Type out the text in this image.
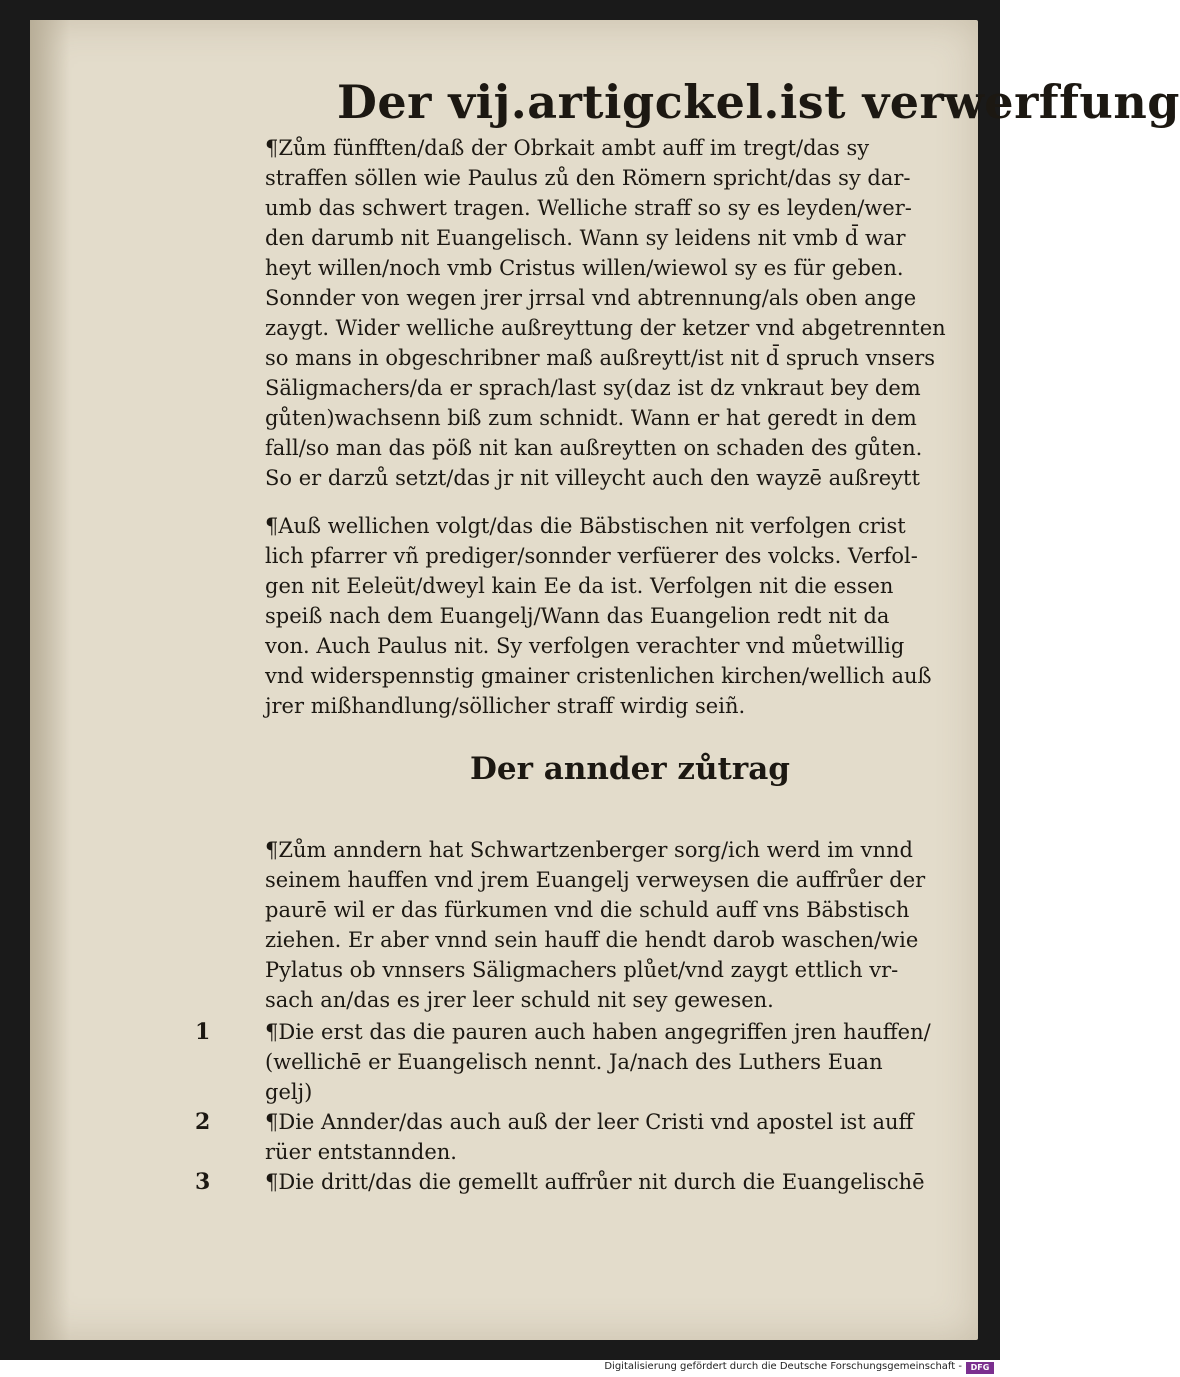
Der vij.artigckel.ist verwerffung
¶Zům fünfften/daß der Obrkait ambt auff im tregt/das sy
straffen söllen wie Paulus zů den Römern spricht/das sy dar-
umb das schwert tragen. Welliche straff so sy es leyden/wer-
den darumb nit Euangelisch. Wann sy leidens nit vmb d̄ war
heyt willen/noch vmb Cristus willen/wiewol sy es für geben.
Sonnder von wegen jrer jrrsal vnd abtrennung/als oben ange
zaygt. Wider welliche außreyttung der ketzer vnd abgetrennten
so mans in obgeschribner maß außreytt/ist nit d̄ spruch vnsers
Säligmachers/da er sprach/last sy(daz ist dz vnkraut bey dem
gůten)wachsenn biß zum schnidt. Wann er hat geredt in dem
fall/so man das pöß nit kan außreytten on schaden des gůten.
So er darzů setzt/das jr nit villeycht auch den wayzē außreytt
¶Auß wellichen volgt/das die Bäbstischen nit verfolgen crist
lich pfarrer vñ prediger/sonnder verfüerer des volcks. Verfol-
gen nit Eeleüt/dweyl kain Ee da ist. Verfolgen nit die essen
speiß nach dem Euangelj/Wann das Euangelion redt nit da
von. Auch Paulus nit. Sy verfolgen verachter vnd můetwillig
vnd widerspennstig gmainer cristenlichen kirchen/wellich auß
jrer mißhandlung/söllicher straff wirdig seiñ.
Der annder zůtrag
¶Zům anndern hat Schwartzenberger sorg/ich werd im vnnd
seinem hauffen vnd jrem Euangelj verweysen die auffrůer der
paurē wil er das fürkumen vnd die schuld auff vns Bäbstisch
ziehen. Er aber vnnd sein hauff die hendt darob waschen/wie
Pylatus ob vnnsers Säligmachers plůet/vnd zaygt ettlich vr-
sach an/das es jrer leer schuld nit sey gewesen.
1	¶Die erst das die pauren auch haben angegriffen jren hauffen/
(wellichē er Euangelisch nennt. Ja/nach des Luthers Euan
gelj)
2	¶Die Annder/das auch auß der leer Cristi vnd apostel ist auff
rüer entstannden.
3	¶Die dritt/das die gemellt auffrůer nit durch die Euangelischē
Digitalisierung gefördert durch die Deutsche Forschungsgemeinschaft -	DFG
